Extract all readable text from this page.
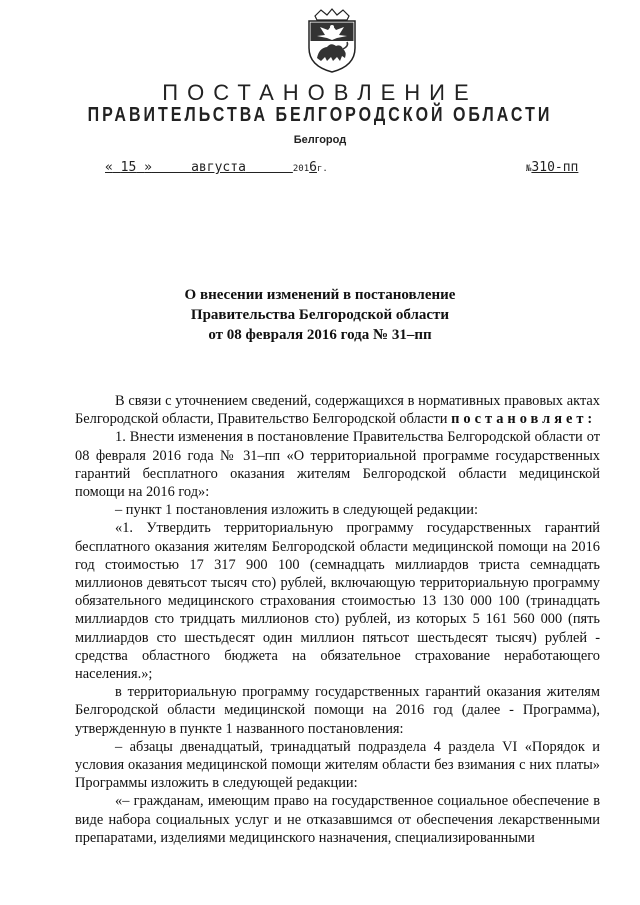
ПОСТАНОВЛЕНИЕ
ПРАВИТЕЛЬСТВА БЕЛГОРОДСКОЙ ОБЛАСТИ
Белгород
« 15 »	августа	2016г.	№310-пп
О внесении изменений в постановление
Правительства Белгородской области
от 08 февраля 2016 года № 31–пп

В связи с уточнением сведений, содержащихся в нормативных правовых актах Белгородской области, Правительство Белгородской области постановляет:

1. Внести изменения в постановление Правительства Белгородской области от 08 февраля 2016 года № 31–пп «О территориальной программе государственных гарантий бесплатного оказания жителям Белгородской области медицинской помощи на 2016 год»:

– пункт 1 постановления изложить в следующей редакции:

«1. Утвердить территориальную программу государственных гарантий бесплатного оказания жителям Белгородской области медицинской помощи на 2016 год стоимостью 17 317 900 100 (семнадцать миллиардов триста семнадцать миллионов девятьсот тысяч сто) рублей, включающую территориальную программу обязательного медицинского страхования стоимостью 13 130 000 100 (тринадцать миллиардов сто тридцать миллионов сто) рублей, из которых 5 161 560 000 (пять миллиардов сто шестьдесят один миллион пятьсот шестьдесят тысяч) рублей - средства областного бюджета на обязательное страхование неработающего населения.»;

в территориальную программу государственных гарантий оказания жителям Белгородской области медицинской помощи на 2016 год (далее - Программа), утвержденную в пункте 1 названного постановления:

– абзацы двенадцатый, тринадцатый подраздела 4 раздела VI «Порядок и условия оказания медицинской помощи жителям области без взимания с них платы» Программы изложить в следующей редакции:

«– гражданам, имеющим право на государственное социальное обеспечение в виде набора социальных услуг и не отказавшимся от обеспечения лекарственными препаратами, изделиями медицинского назначения, специализированными
